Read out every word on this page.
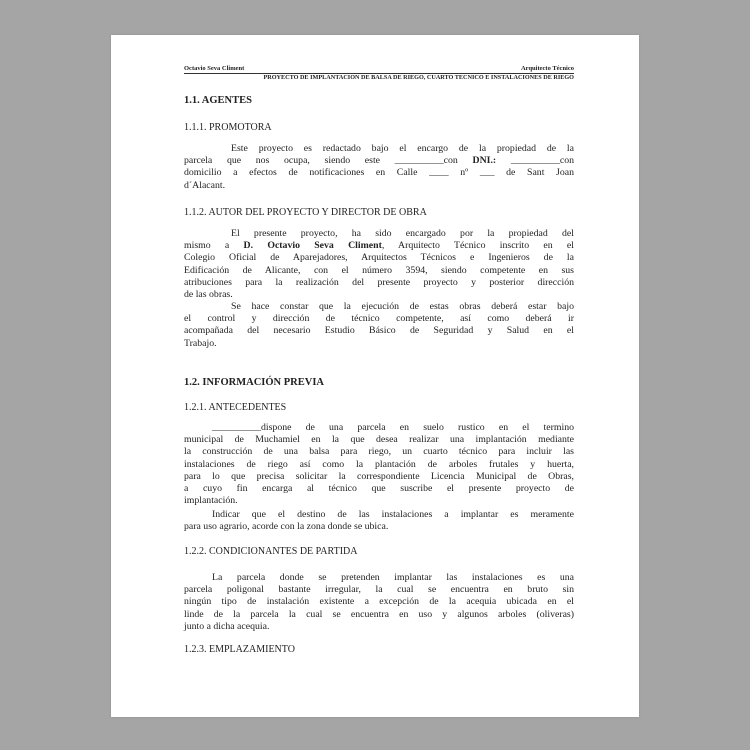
Octavio Seva Climent	Arquitecto Técnico
PROYECTO DE IMPLANTACION DE BALSA DE RIEGO, CUARTO TECNICO E INSTALACIONES DE RIEGO
1.1. AGENTES
1.1.1. PROMOTORA
Este proyecto es redactado bajo el encargo de la propiedad de la
parcela que nos ocupa, siendo este __________con DNI.: __________con
domicilio a efectos de notificaciones en Calle ____ nº ___ de Sant Joan
d´Alacant.
1.1.2. AUTOR DEL PROYECTO Y DIRECTOR DE OBRA
El presente proyecto, ha sido encargado por la propiedad del
mismo a D. Octavio Seva Climent, Arquitecto Técnico inscrito en el
Colegio Oficial de Aparejadores, Arquitectos Técnicos e Ingenieros de la
Edificación de Alicante, con el número 3594, siendo competente en sus
atribuciones para la realización del presente proyecto y posterior dirección
de las obras.
Se hace constar que la ejecución de estas obras deberá estar bajo
el control y dirección de técnico competente, así como deberá ir
acompañada del necesario Estudio Básico de Seguridad y Salud en el
Trabajo.
1.2. INFORMACIÓN PREVIA
1.2.1. ANTECEDENTES
__________dispone de una parcela en suelo rustico en el termino
municipal de Muchamiel en la que desea realizar una implantación mediante
la construcción de una balsa para riego, un cuarto técnico para incluir las
instalaciones de riego así como la plantación de arboles frutales y huerta,
para lo que precisa solicitar la correspondiente Licencia Municipal de Obras,
a cuyo fin encarga al técnico que suscribe el presente proyecto de
implantación.
Indicar que el destino de las instalaciones a implantar es meramente
para uso agrario, acorde con la zona donde se ubica.
1.2.2. CONDICIONANTES DE PARTIDA
La parcela donde se pretenden implantar las instalaciones es una
parcela poligonal bastante irregular, la cual se encuentra en bruto sin
ningún tipo de instalación existente a excepción de la acequia ubicada en el
linde de la parcela la cual se encuentra en uso y algunos arboles (oliveras)
junto a dicha acequia.
1.2.3. EMPLAZAMIENTO
